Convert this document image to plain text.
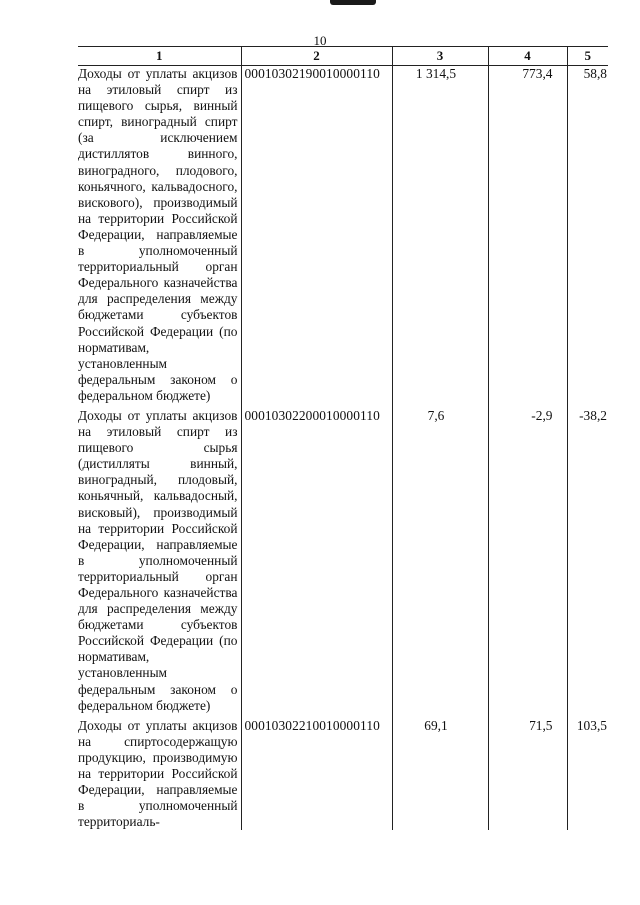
10
1	2	3	4	5
Доходы от уплаты акцизов на этиловый спирт из пищевого сырья, винный спирт, виноградный спирт (за исключением дистиллятов винного, виноградного, плодового, коньячного, кальвадосного, вискового), производимый на территории Российской Федерации, направляемые в уполномоченный территориальный орган Федерального казначейства для распределения между бюджетами субъектов Российской Федерации (по нормативам, установленным федеральным законом о федеральном бюджете)	00010302190010000110	1 314,5	773,4	58,8
Доходы от уплаты акцизов на этиловый спирт из пищевого сырья (дистилляты винный, виноградный, плодовый, коньячный, кальвадосный, висковый), производимый на территории Российской Федерации, направляемые в уполномоченный территориальный орган Федерального казначейства для распределения между бюджетами субъектов Российской Федерации (по нормативам, установленным федеральным законом о федеральном бюджете)	00010302200010000110	7,6	-2,9	-38,2
Доходы от уплаты акцизов на спиртосодержащую продукцию, производимую на территории Российской Федерации, направляемые в уполномоченный территориаль-	00010302210010000110	69,1	71,5	103,5
